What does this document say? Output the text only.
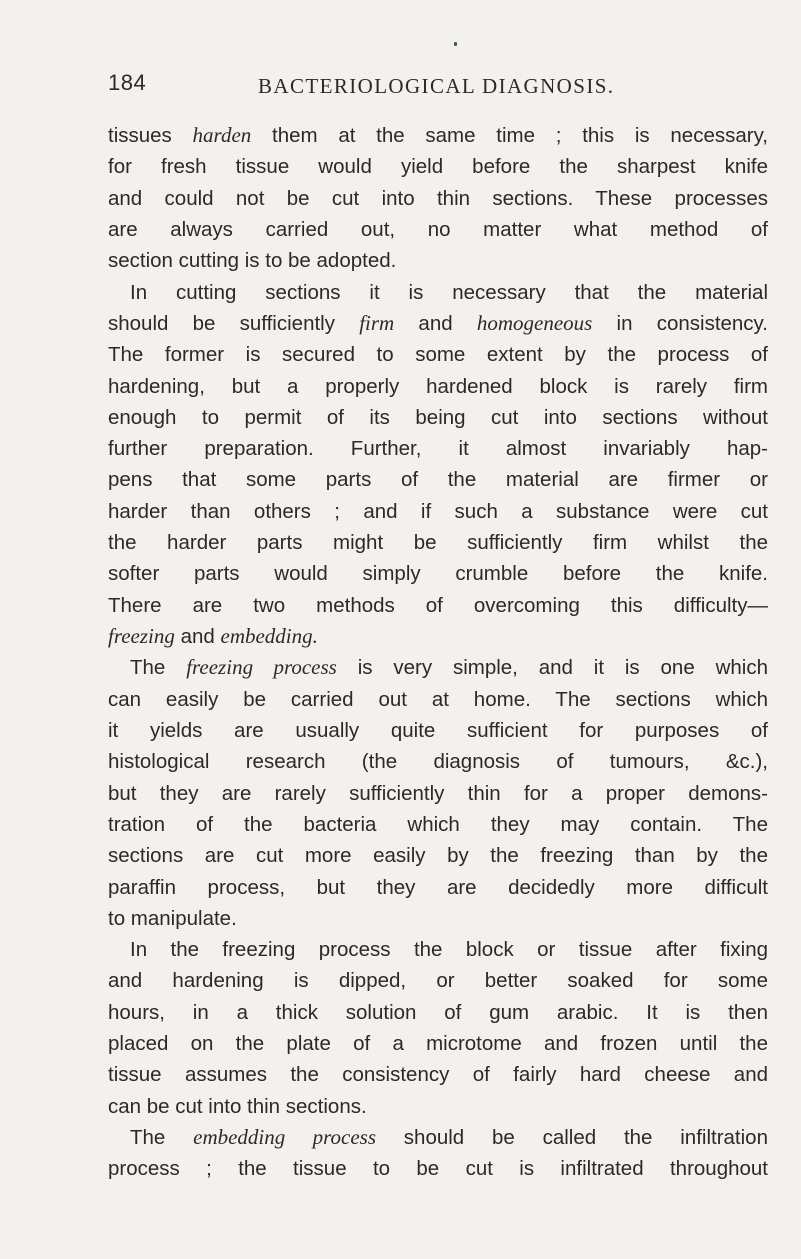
184	BACTERIOLOGICAL DIAGNOSIS.
tissues harden them at the same time ; this is necessary,
for fresh tissue would yield before the sharpest knife
and could not be cut into thin sections. These processes
are always carried out, no matter what method of
section cutting is to be adopted.
In cutting sections it is necessary that the material
should be sufficiently firm and homogeneous in consistency.
The former is secured to some extent by the process of
hardening, but a properly hardened block is rarely firm
enough to permit of its being cut into sections without
further preparation. Further, it almost invariably hap-
pens that some parts of the material are firmer or
harder than others ; and if such a substance were cut
the harder parts might be sufficiently firm whilst the
softer parts would simply crumble before the knife.
There are two methods of overcoming this difficulty—
freezing and embedding.
The freezing process is very simple, and it is one which
can easily be carried out at home. The sections which
it yields are usually quite sufficient for purposes of
histological research (the diagnosis of tumours, &c.),
but they are rarely sufficiently thin for a proper demons-
tration of the bacteria which they may contain. The
sections are cut more easily by the freezing than by the
paraffin process, but they are decidedly more difficult
to manipulate.
In the freezing process the block or tissue after fixing
and hardening is dipped, or better soaked for some
hours, in a thick solution of gum arabic. It is then
placed on the plate of a microtome and frozen until the
tissue assumes the consistency of fairly hard cheese and
can be cut into thin sections.
The embedding process should be called the infiltration
process ; the tissue to be cut is infiltrated throughout
